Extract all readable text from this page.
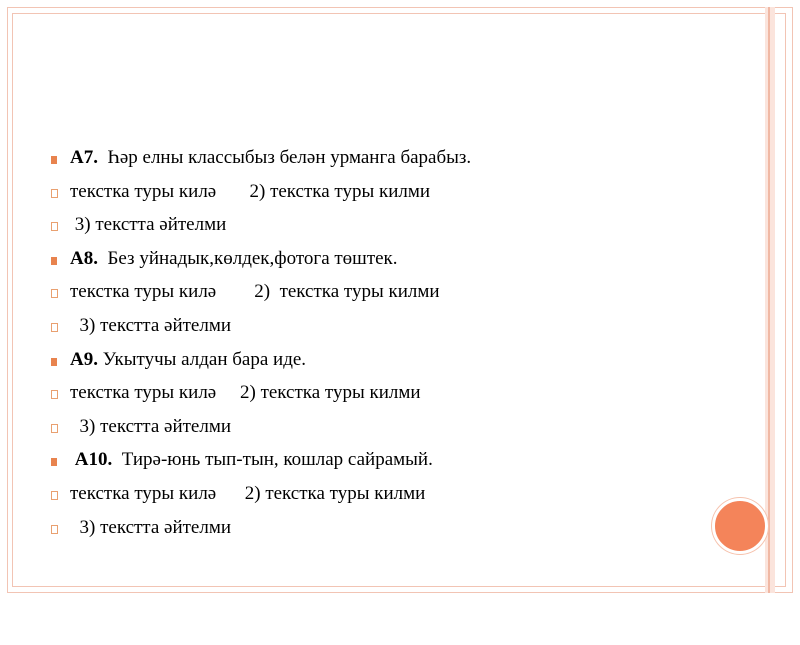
А7.  Һәр елны классыбыз белән урманга барабыз.

текстка туры килә       2) текстка туры килми

3) текстта әйтелми

А8.  Без уйнадык,көлдек,фотога төштек.

текстка туры килә        2)  текстка туры килми

3) текстта әйтелми

А9. Укытучы алдан бара иде.

текстка туры килә     2) текстка туры килми

3) текстта әйтелми

А10.  Тирә-юнь тып-тын, кошлар сайрамый.

текстка туры килә      2) текстка туры килми

3) текстта әйтелми
